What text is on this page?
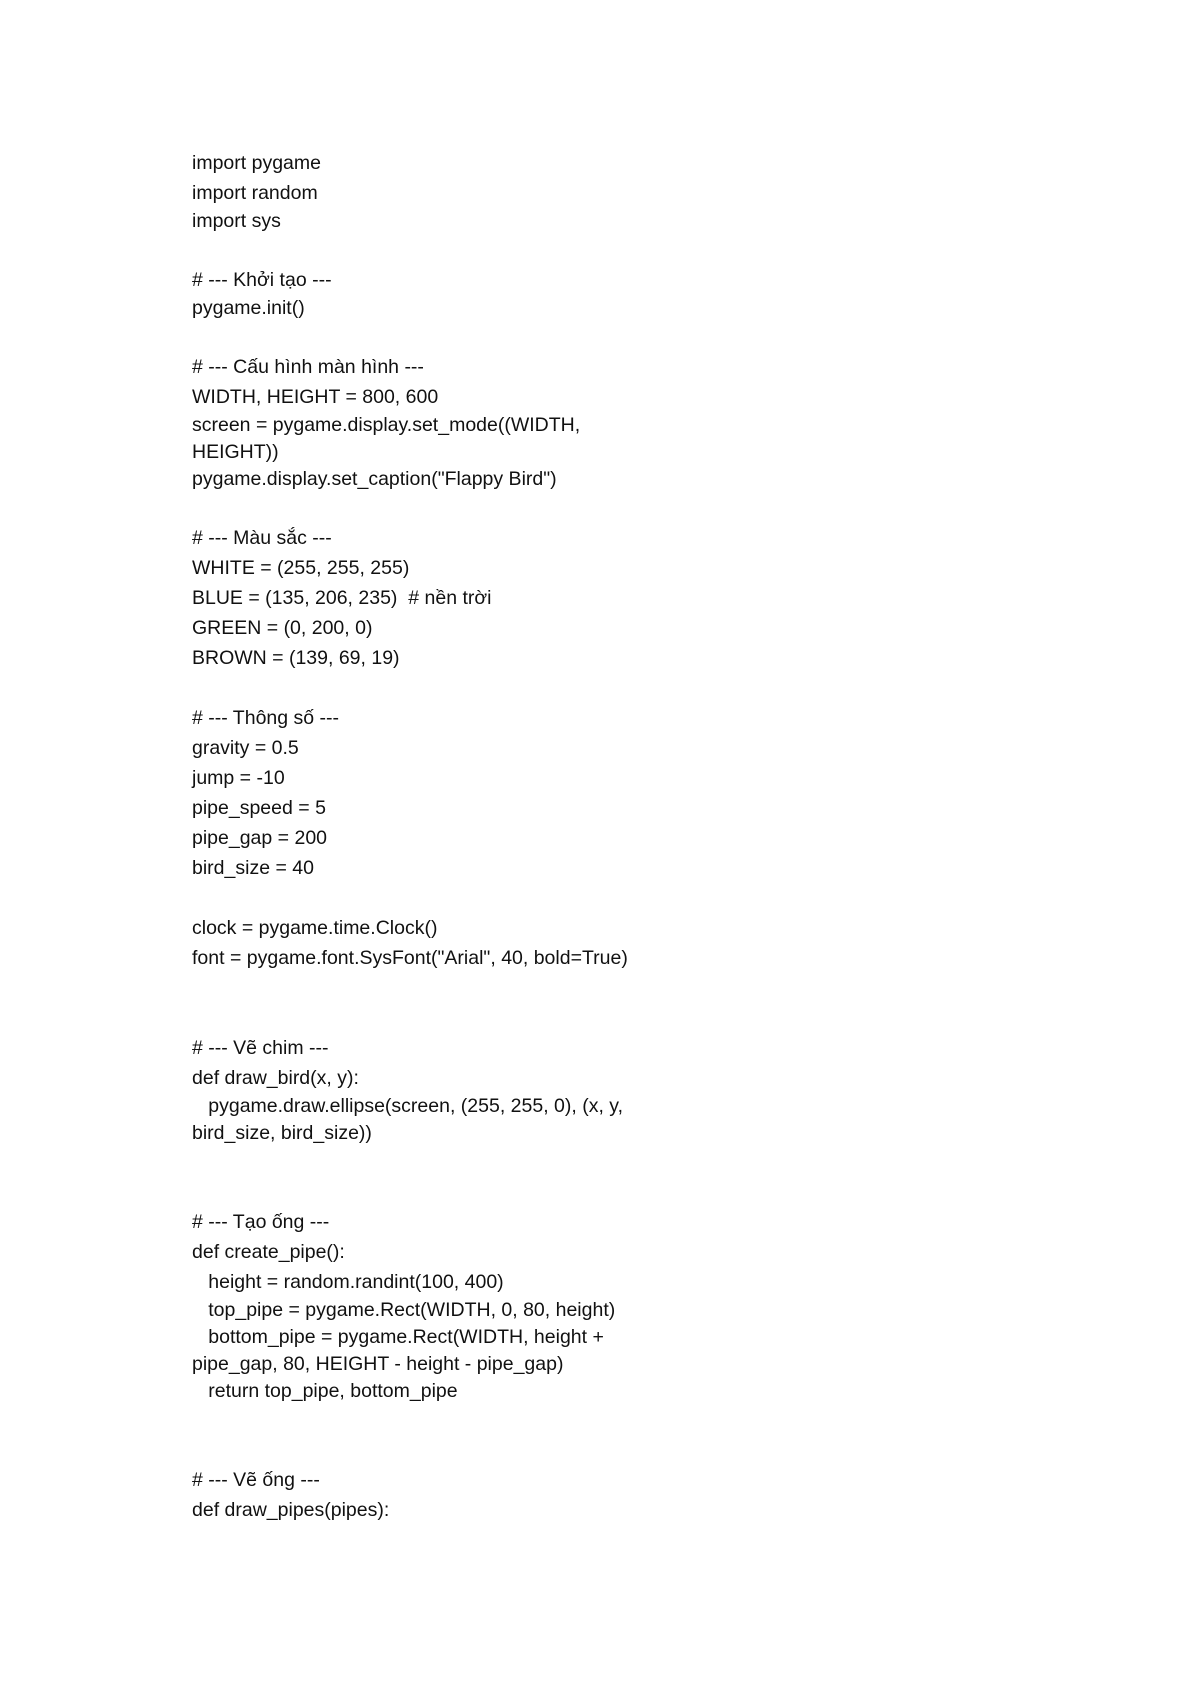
import pygame
import random
import sys
# --- Khởi tạo ---
pygame.init()
# --- Cấu hình màn hình ---
WIDTH, HEIGHT = 800, 600
screen = pygame.display.set_mode((WIDTH,
HEIGHT))
pygame.display.set_caption("Flappy Bird")
# --- Màu sắc ---
WHITE = (255, 255, 255)
BLUE = (135, 206, 235)  # nền trời
GREEN = (0, 200, 0)
BROWN = (139, 69, 19)
# --- Thông số ---
gravity = 0.5
jump = -10
pipe_speed = 5
pipe_gap = 200
bird_size = 40
clock = pygame.time.Clock()
font = pygame.font.SysFont("Arial", 40, bold=True)
# --- Vẽ chim ---
def draw_bird(x, y):
pygame.draw.ellipse(screen, (255, 255, 0), (x, y,
bird_size, bird_size))
# --- Tạo ống ---
def create_pipe():
height = random.randint(100, 400)
top_pipe = pygame.Rect(WIDTH, 0, 80, height)
bottom_pipe = pygame.Rect(WIDTH, height +
pipe_gap, 80, HEIGHT - height - pipe_gap)
return top_pipe, bottom_pipe
# --- Vẽ ống ---
def draw_pipes(pipes):
